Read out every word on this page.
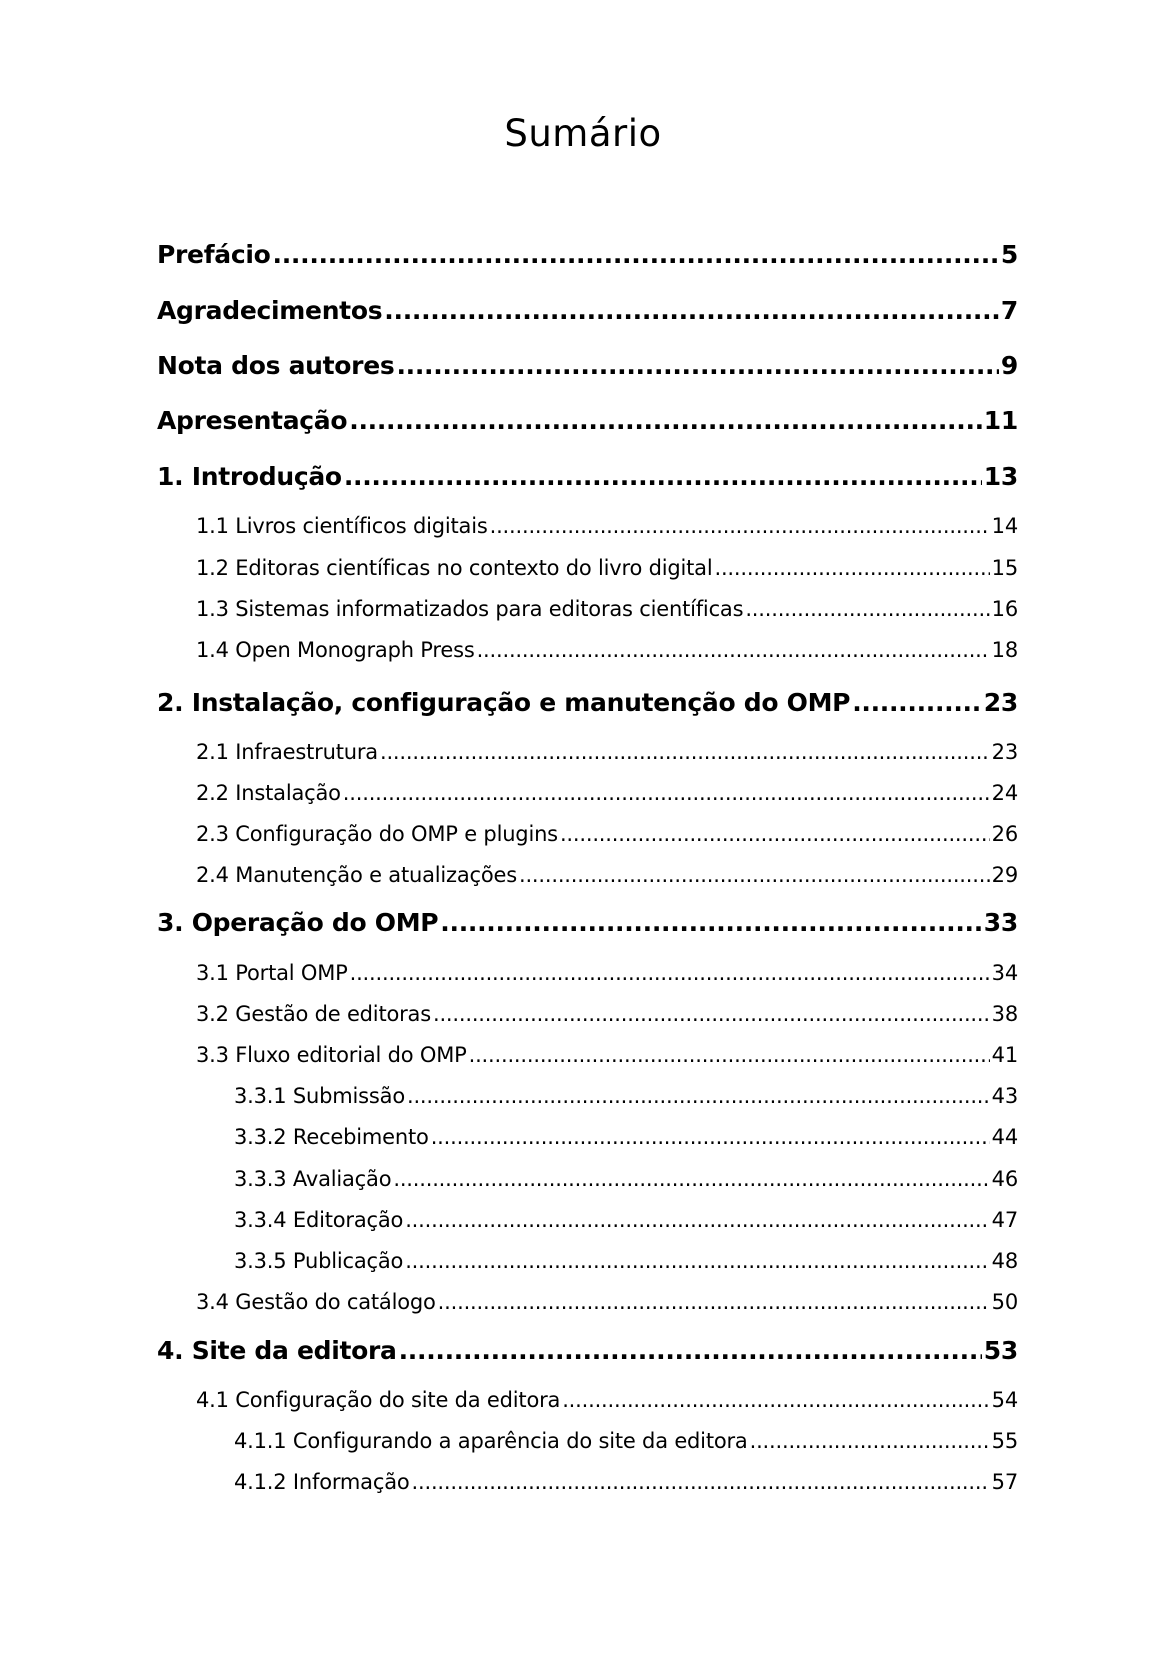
Sumário
Prefácio .....	5
Agradecimentos .....	7
Nota dos autores .....	9
Apresentação .....	11
1. Introdução .....	13
1.1 Livros científicos digitais .....	14
1.2 Editoras científicas no contexto do livro digital .....	15
1.3 Sistemas informatizados para editoras científicas .....	16
1.4 Open Monograph Press .....	18
2. Instalação, configuração e manutenção do OMP .....	23
2.1 Infraestrutura .....	23
2.2 Instalação .....	24
2.3 Configuração do OMP e plugins .....	26
2.4 Manutenção e atualizações .....	29
3. Operação do OMP .....	33
3.1 Portal OMP .....	34
3.2 Gestão de editoras .....	38
3.3 Fluxo editorial do OMP .....	41
3.3.1 Submissão .....	43
3.3.2 Recebimento .....	44
3.3.3 Avaliação .....	46
3.3.4 Editoração .....	47
3.3.5 Publicação .....	48
3.4 Gestão do catálogo .....	50
4. Site da editora .....	53
4.1 Configuração do site da editora .....	54
4.1.1 Configurando a aparência do site da editora .....	55
4.1.2 Informação .....	57
